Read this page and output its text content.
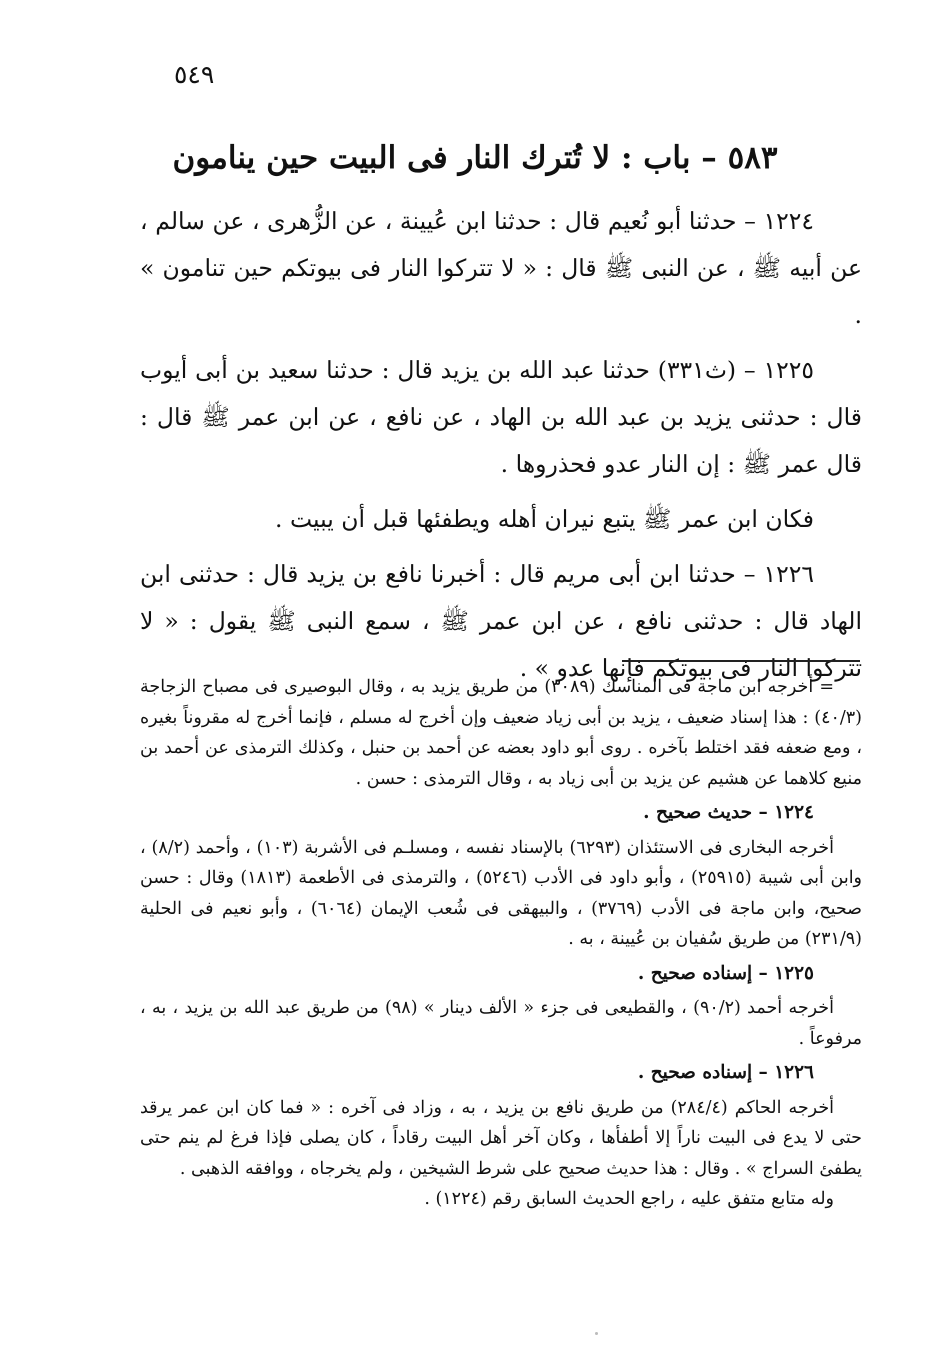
٥٤٩
٥٨٣ – باب : لا تُترك النار فى البيت حين ينامون

١٢٢٤ – حدثنا أبو نُعيم قال : حدثنا ابن عُيينة ، عن الزُّهرى ، عن سالم ، عن أبيه ﷺ ، عن النبى ﷺ قال : « لا تتركوا النار فى بيوتكم حين تنامون » .

١٢٢٥ – (ث٣٣١) حدثنا عبد الله بن يزيد قال : حدثنا سعيد بن أبى أيوب قال : حدثنى يزيد بن عبد الله بن الهاد ، عن نافع ، عن ابن عمر ﷺ قال : قال عمر ﷺ : إن النار عدو فحذروها .

فكان ابن عمر ﷺ يتبع نيران أهله ويطفئها قبل أن يبيت .

١٢٢٦ – حدثنا ابن أبى مريم قال : أخبرنا نافع بن يزيد قال : حدثنى ابن الهاد قال : حدثنى نافع ، عن ابن عمر ﷺ ، سمع النبى ﷺ يقول : « لا تتركوا النار فى بيوتكم فإنها عدو » .

= أخرجه ابن ماجة فى المناسك (٣٠٨٩) من طريق يزيد به ، وقال البوصيرى فى مصباح الزجاجة (٤٠/٣) : هذا إسناد ضعيف ، يزيد بن أبى زياد ضعيف وإن أخرج له مسلم ، فإنما أخرج له مقروناً بغيره ، ومع ضعفه فقد اختلط بآخره . روى أبو داود بعضه عن أحمد بن حنبل ، وكذلك الترمذى عن أحمد بن منيع كلاهما عن هشيم عن يزيد بن أبى زياد به ، وقال الترمذى : حسن .

١٢٢٤ – حديث صحيح .

أخرجه البخارى فى الاستئذان (٦٢٩٣) بالإسناد نفسه ، ومسلـم فى الأشربة (١٠٣) ، وأحمد (٨/٢) ، وابن أبى شيبة (٢٥٩١٥) ، وأبو داود فى الأدب (٥٢٤٦) ، والترمذى فى الأطعمة (١٨١٣) وقال : حسن صحيح، وابن ماجة فى الأدب (٣٧٦٩) ، والبيهقى فى شُعب الإيمان (٦٠٦٤) ، وأبو نعيم فى الحلية (٢٣١/٩) من طريق سُفيان بن عُيينة ، به .

١٢٢٥ – إسناده صحيح .

أخرجه أحمد (٩٠/٢) ، والقطيعى فى جزء « الألف دينار » (٩٨) من طريق عبد الله بن يزيد ، به ، مرفوعاً .

١٢٢٦ – إسناده صحيح .

أخرجه الحاكم (٢٨٤/٤) من طريق نافع بن يزيد ، به ، وزاد فى آخره : « فما كان ابن عمر يرقد حتى لا يدع فى البيت ناراً إلا أطفأها ، وكان آخر أهل البيت رقاداً ، كان يصلى فإذا فرغ لم ينم حتى يطفئ السراج » . وقال : هذا حديث صحيح على شرط الشيخين ، ولم يخرجاه ، ووافقه الذهبى .

وله متابع متفق عليه ، راجع الحديث السابق رقم (١٢٢٤) .
